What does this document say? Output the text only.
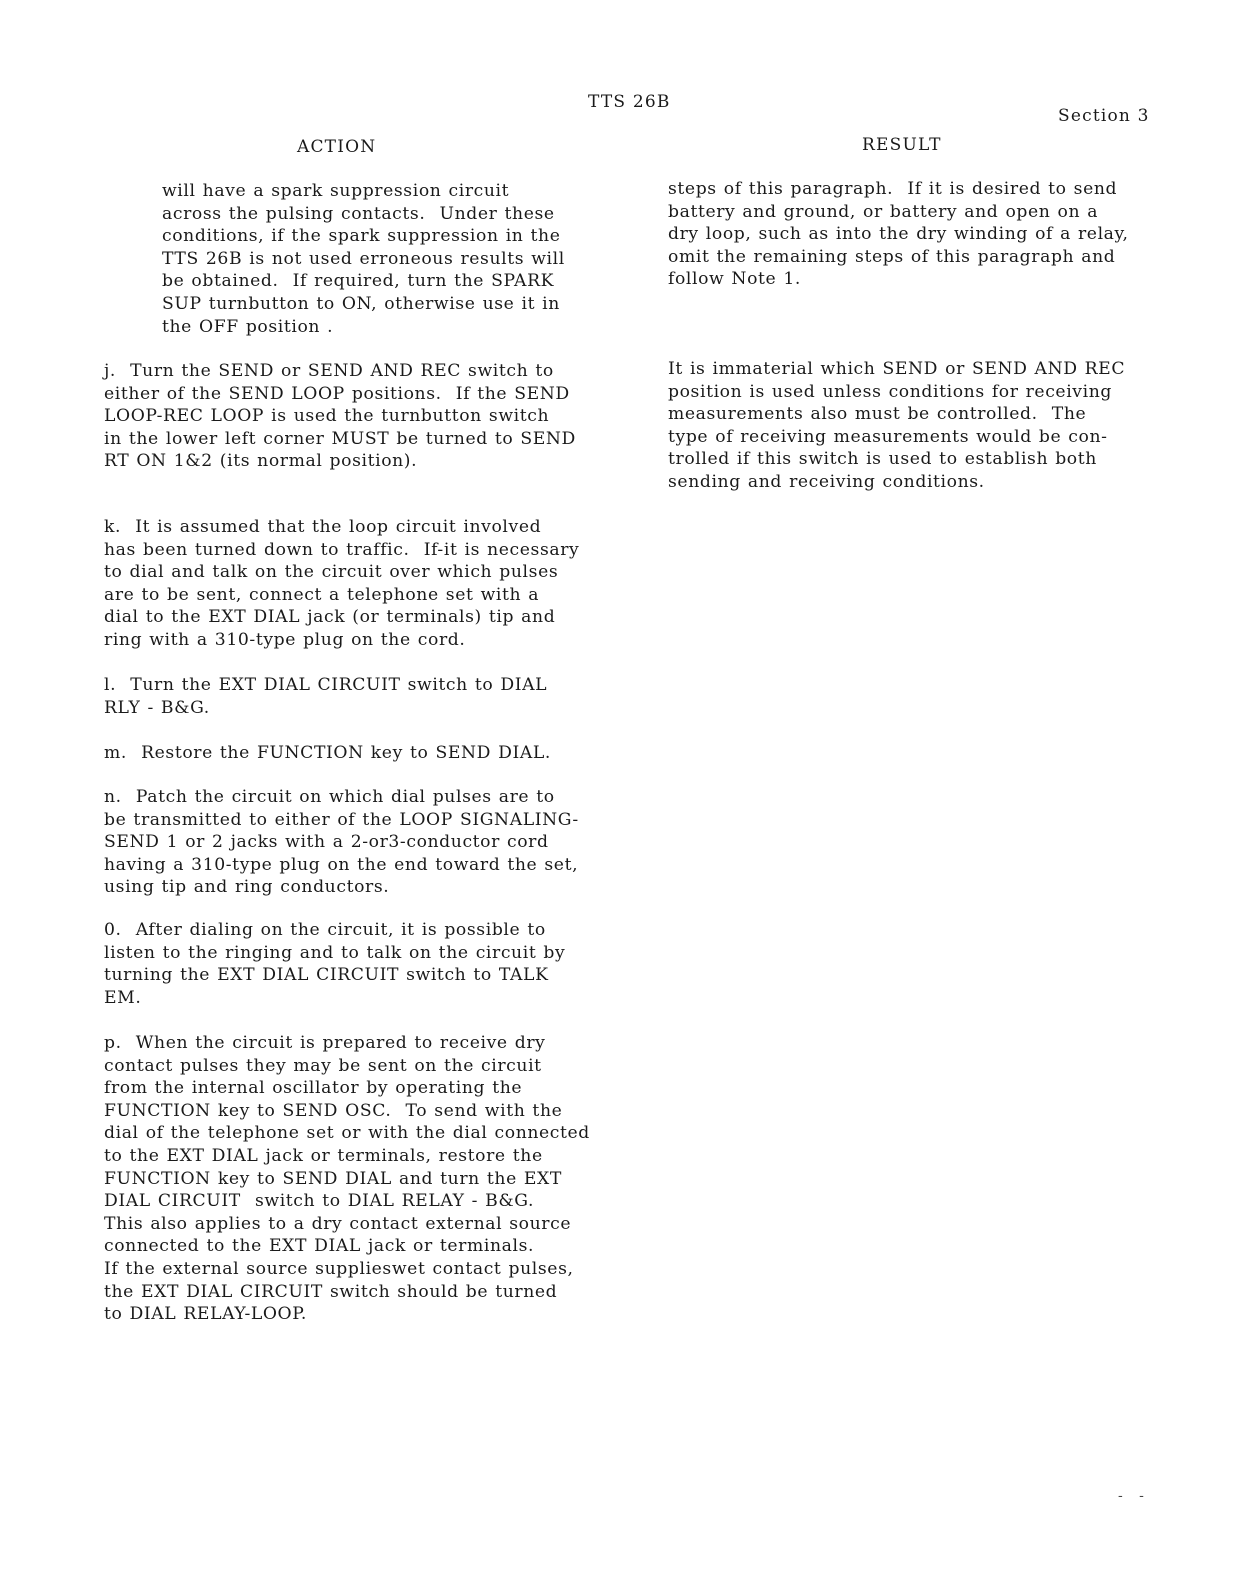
TTS 26B
Section 3
ACTION	RESULT
will have a spark suppression circuit
across the pulsing contacts.  Under these
conditions, if the spark suppression in the
TTS 26B is not used erroneous results will
be obtained.  If required, turn the SPARK
SUP turnbutton to ON, otherwise use it in
the OFF position .
j.  Turn the SEND or SEND AND REC switch to
either of the SEND LOOP positions.  If the SEND
LOOP-REC LOOP is used the turnbutton switch
in the lower left corner MUST be turned to SEND
RT ON 1&2 (its normal position).
k.  It is assumed that the loop circuit involved
has been turned down to traffic.  If-it is necessary
to dial and talk on the circuit over which pulses
are to be sent, connect a telephone set with a
dial to the EXT DIAL jack (or terminals) tip and
ring with a 310-type plug on the cord.
l.  Turn the EXT DIAL CIRCUIT switch to DIAL
RLY - B&G.
m.  Restore the FUNCTION key to SEND DIAL.
n.  Patch the circuit on which dial pulses are to
be transmitted to either of the LOOP SIGNALING-
SEND 1 or 2 jacks with a 2-or3-conductor cord
having a 310-type plug on the end toward the set,
using tip and ring conductors.
0.  After dialing on the circuit, it is possible to
listen to the ringing and to talk on the circuit by
turning the EXT DIAL CIRCUIT switch to TALK
EM.
p.  When the circuit is prepared to receive dry
contact pulses they may be sent on the circuit
from the internal oscillator by operating the
FUNCTION key to SEND OSC.  To send with the
dial of the telephone set or with the dial connected
to the EXT DIAL jack or terminals, restore the
FUNCTION key to SEND DIAL and turn the EXT
DIAL CIRCUIT  switch to DIAL RELAY - B&G.
This also applies to a dry contact external source
connected to the EXT DIAL jack or terminals.
If the external source supplieswet contact pulses,
the EXT DIAL CIRCUIT switch should be turned
to DIAL RELAY-LOOP.
steps of this paragraph.  If it is desired to send
battery and ground, or battery and open on a
dry loop, such as into the dry winding of a relay,
omit the remaining steps of this paragraph and
follow Note 1.
It is immaterial which SEND or SEND AND REC
position is used unless conditions for receiving
measurements also must be controlled.  The
type of receiving measurements would be con-
trolled if this switch is used to establish both
sending and receiving conditions.
- -
